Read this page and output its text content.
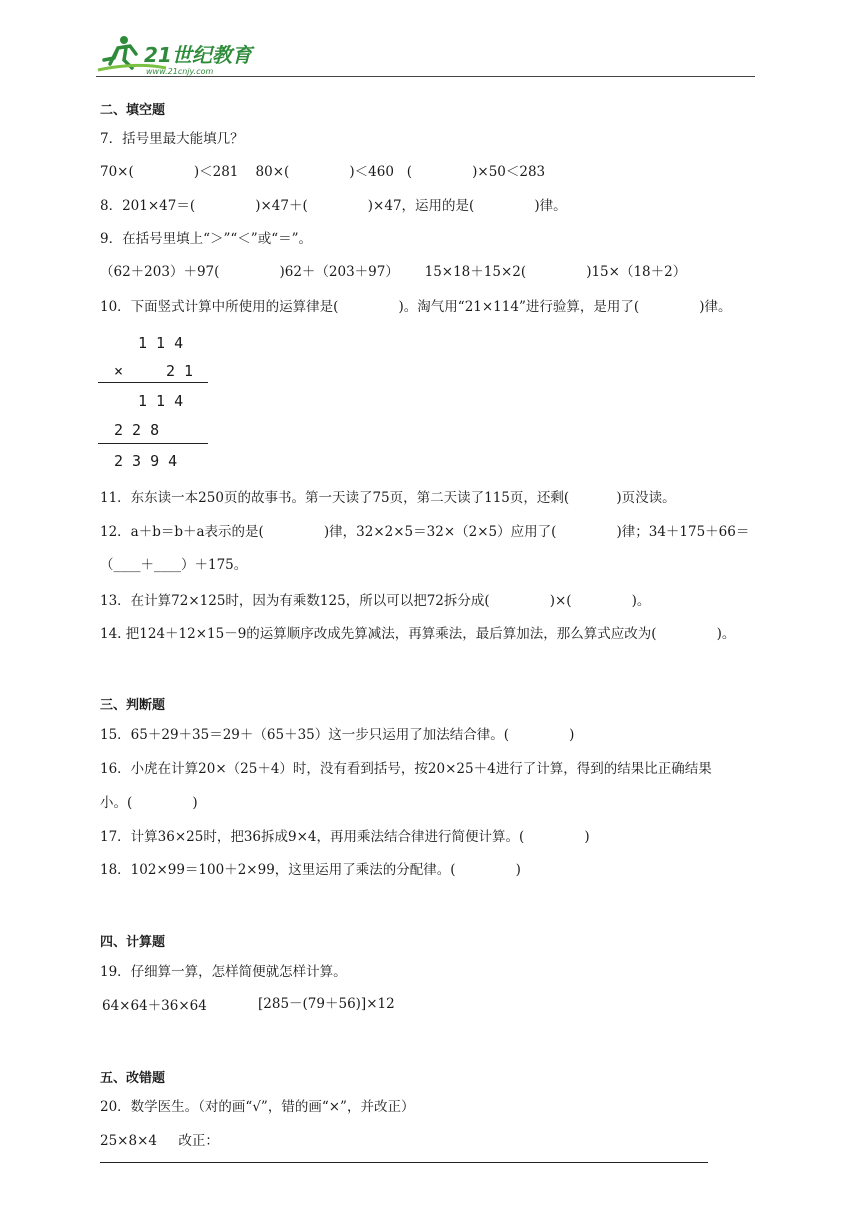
21世纪教育
www.21cnjy.com
二、填空题
7．括号里最大能填几？
70×(              )＜281    80×(              )＜460   (              )×50＜283
8．201×47＝(              )×47＋(              )×47，运用的是(              )律。
9．在括号里填上“＞”“＜”或“＝”。
（62＋203）＋97(              )62＋（203＋97）      15×18＋15×2(              )15×（18＋2）
10．下面竖式计算中所使用的运算律是(              )。淘气用“21×114”进行验算，是用了(              )律。
1 1 4
×	2 1
1 1 4
2 2 8
2 3 9 4
11．东东读一本250页的故事书。第一天读了75页，第二天读了115页，还剩(           )页没读。
12．a＋b＝b＋a表示的是(              )律，32×2×5＝32×（2×5）应用了(              )律；34＋175＋66＝
（____＋____）＋175。
13．在计算72×125时，因为有乘数125，所以可以把72拆分成(              )×(              )。
14. 把124＋12×15－9的运算顺序改成先算减法，再算乘法，最后算加法，那么算式应改为(              )。
三、判断题
15．65＋29＋35＝29＋（65＋35）这一步只运用了加法结合律。(              )
16．小虎在计算20×（25＋4）时，没有看到括号，按20×25＋4进行了计算，得到的结果比正确结果
小。(              )
17．计算36×25时，把36拆成9×4，再用乘法结合律进行简便计算。(              )
18．102×99＝100＋2×99，这里运用了乘法的分配律。(              )
四、计算题
19．仔细算一算，怎样简便就怎样计算。
64×64＋36×64	[285－(79＋56)]×12
五、改错题
20．数学医生。（对的画“√”，错的画“×”，并改正）
25×8×4     改正：
